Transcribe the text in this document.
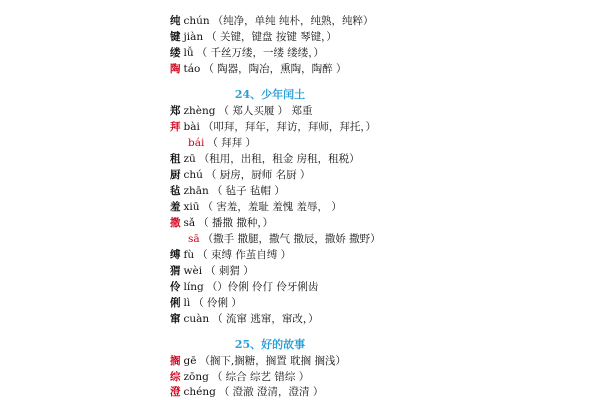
纯 chún （纯净，单纯 纯朴，纯熟，纯粹）
键 jiàn （ 关键，键盘 按键 琴键，）
缕 lǚ （ 千丝万缕，一缕 缕缕，）
陶 táo （ 陶器，陶冶，熏陶，陶醉 ）
24、少年闰土
郑 zhèng （ 郑人买履 ） 郑重
拜 bài （叩拜，拜年，拜访，拜师，拜托，）
bái （ 拜拜 ）
租 zū （租用，出租，租金 房租，租税）
厨 chú （ 厨房，厨师 名厨 ）
毡 zhān （ 毡子 毡帽 ）
羞 xiū （ 害羞，羞耻 羞愧 羞辱， ）
撒 sǎ （ 播撒 撒种，）
sā （撒手 撒腿，撒气 撒辰，撒娇 撒野）
缚 fù （ 束缚 作茧自缚 ）
猬 wèi （ 刺猬 ）
伶 líng （）伶俐 伶仃 伶牙俐齿
俐 lì （ 伶俐 ）
窜 cuàn （ 流窜 逃窜，窜改，）
25、好的故事
搁 gē （搁下,搁糖，搁置 耽搁 搁浅）
综 zōng （ 综合 综艺 错综 ）
澄 chéng （ 澄澈 澄清，澄清 ）
